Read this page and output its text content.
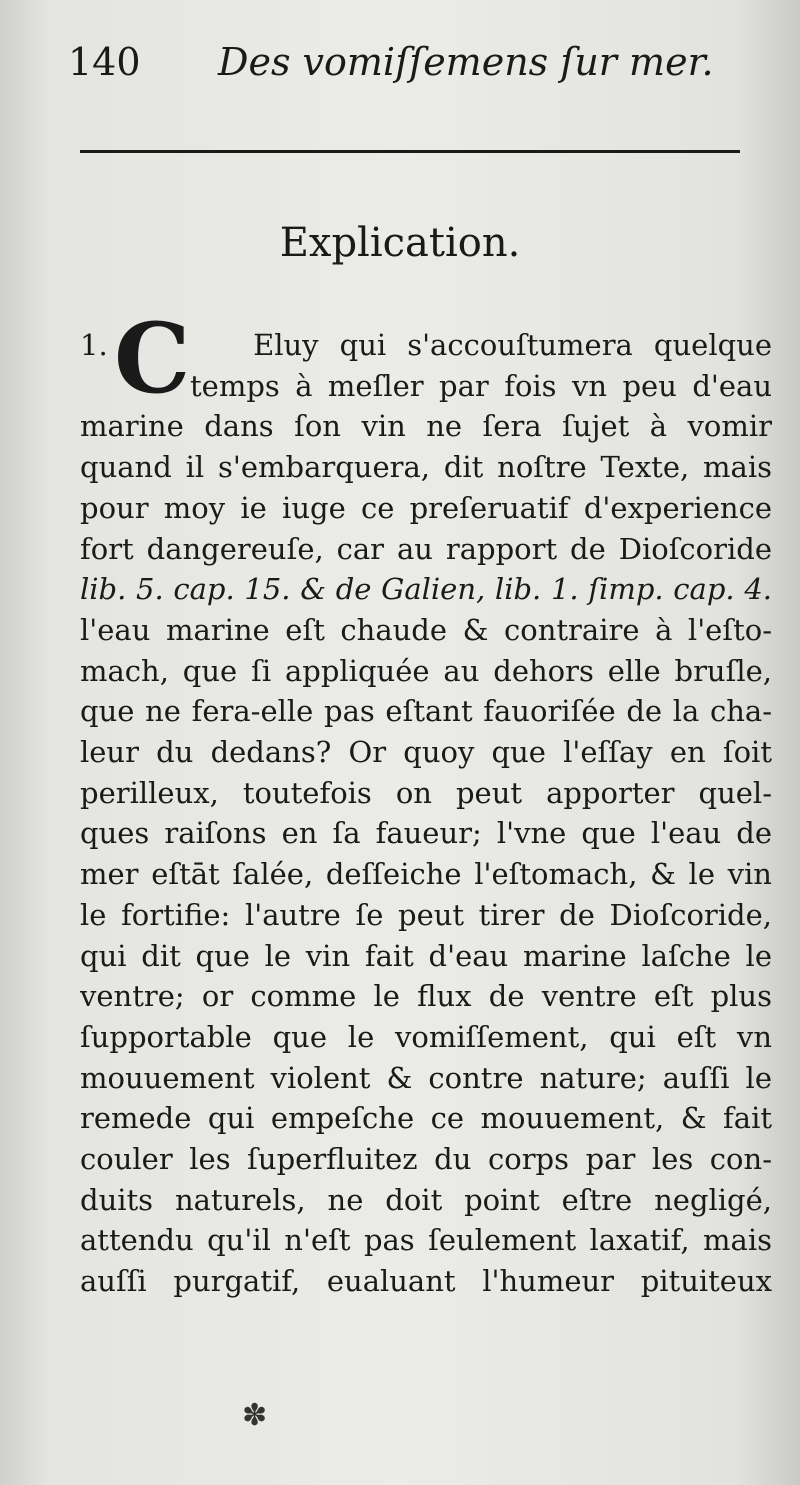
140 Des vomiſſemens ſur mer.
Explication.
1. C Eluy qui s'accouſtumera quelque
temps à meſler par fois vn peu d'eau
marine dans ſon vin ne ſera ſujet à vomir
quand il s'embarquera, dit noſtre Texte, mais
pour moy ie iuge ce preſeruatif d'experience
fort dangereuſe, car au rapport de Dioſcoride
lib. 5. cap. 15. & de Galien, lib. 1. ſimp. cap. 4.
l'eau marine eſt chaude & contraire à l'eſto-
mach, que ſi appliquée au dehors elle bruſle,
que ne fera-elle pas eſtant fauoriſée de la cha-
leur du dedans? Or quoy que l'eſſay en ſoit
perilleux, toutefois on peut apporter quel-
ques raiſons en ſa faueur; l'vne que l'eau de
mer eſtāt ſalée, deſſeiche l'eſtomach, & le vin
le fortifie: l'autre ſe peut tirer de Dioſcoride,
qui dit que le vin fait d'eau marine laſche le
ventre; or comme le flux de ventre eſt plus
ſupportable que le vomiſſement, qui eſt vn
mouuement violent & contre nature; auſſi le
remede qui empeſche ce mouuement, & fait
couler les ſuperfluitez du corps par les con-
duits naturels, ne doit point eſtre negligé,
attendu qu'il n'eſt pas ſeulement laxatif, mais
auſſi purgatif, eualuant l'humeur pituiteux
✽
